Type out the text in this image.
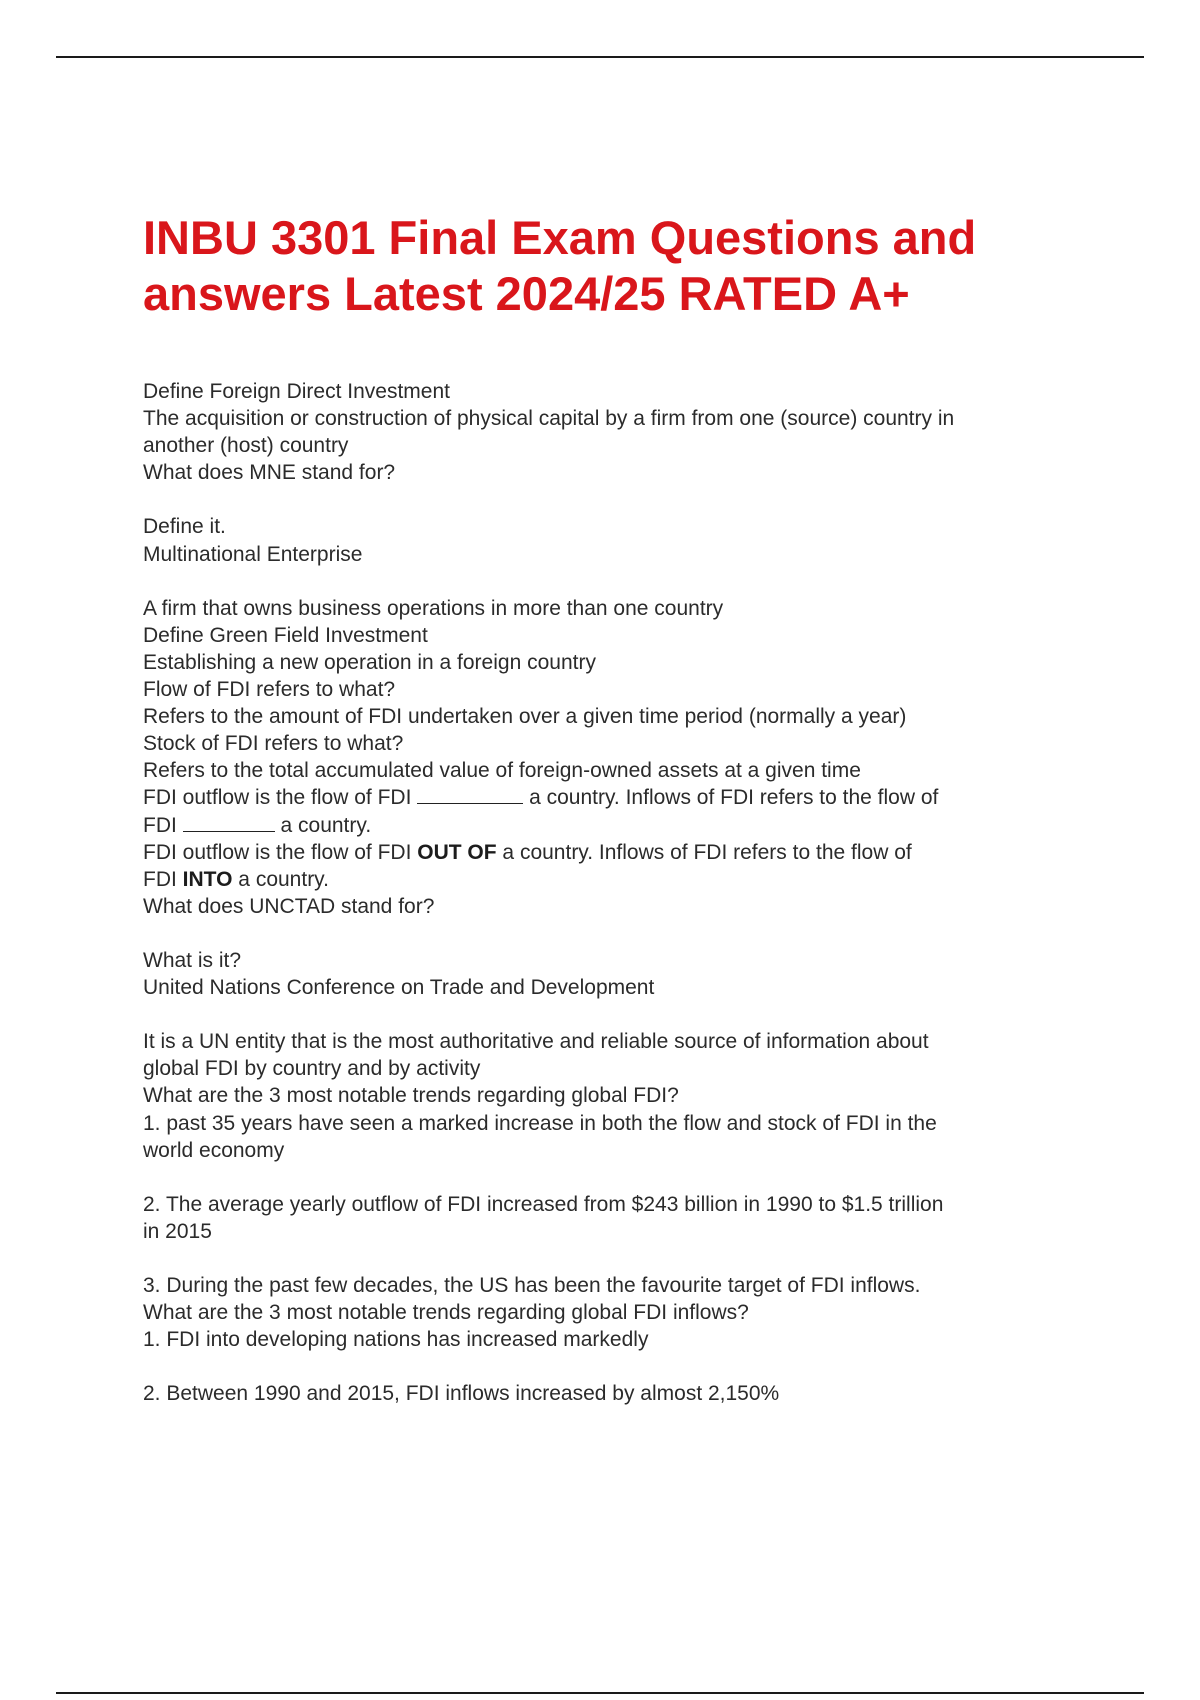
INBU 3301 Final Exam Questions and
answers Latest 2024/25 RATED A+
Define Foreign Direct Investment
The acquisition or construction of physical capital by a firm from one (source) country in
another (host) country
What does MNE stand for?
Define it.
Multinational Enterprise
A firm that owns business operations in more than one country
Define Green Field Investment
Establishing a new operation in a foreign country
Flow of FDI refers to what?
Refers to the amount of FDI undertaken over a given time period (normally a year)
Stock of FDI refers to what?
Refers to the total accumulated value of foreign-owned assets at a given time
FDI outflow is the flow of FDI	a country. Inflows of FDI refers to the flow of
FDI	a country.
FDI outflow is the flow of FDI OUT OF a country. Inflows of FDI refers to the flow of
FDI INTO a country.
What does UNCTAD stand for?
What is it?
United Nations Conference on Trade and Development
It is a UN entity that is the most authoritative and reliable source of information about
global FDI by country and by activity
What are the 3 most notable trends regarding global FDI?
1. past 35 years have seen a marked increase in both the flow and stock of FDI in the
world economy
2. The average yearly outflow of FDI increased from $243 billion in 1990 to $1.5 trillion
in 2015
3. During the past few decades, the US has been the favourite target of FDI inflows.
What are the 3 most notable trends regarding global FDI inflows?
1. FDI into developing nations has increased markedly
2. Between 1990 and 2015, FDI inflows increased by almost 2,150%
